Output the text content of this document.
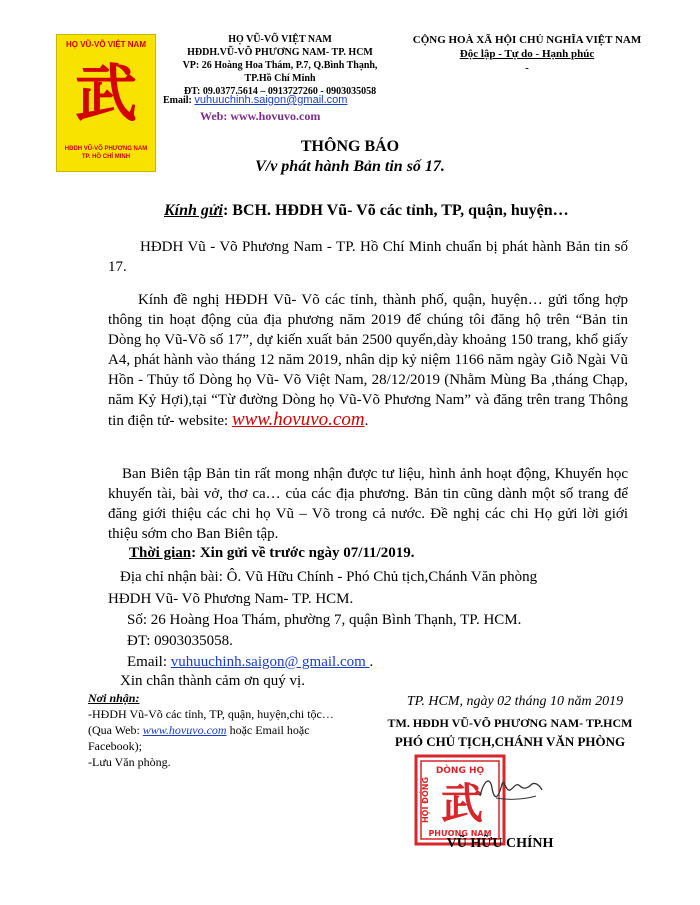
HỌ VŨ-VÕ VIỆT NAM
武
HĐDH VŨ-VÕ PHƯƠNG NAM
TP. HỒ CHÍ MINH
HỌ VŨ-VÕ VIỆT NAM
HĐDH.VŨ-VÕ PHƯƠNG NAM- TP. HCM
VP: 26 Hoàng Hoa Thám, P.7, Q.Bình Thạnh,
TP.Hồ Chí Minh
ĐT: 09.0377.5614 – 0913727260 - 0903035058
Email: vuhuuchinh.saigon@gmail.com
Web: www.hovuvo.com
CỘNG HOÀ XÃ HỘI CHỦ NGHĨA VIỆT NAM
Độc lập - Tự do - Hạnh phúc
-
THÔNG BÁO
V/v phát hành Bản tin số 17.
Kính gửi: BCH. HĐDH Vũ- Võ các tỉnh, TP, quận, huyện…
HĐDH Vũ - Võ Phương Nam - TP. Hồ Chí Minh chuẩn bị phát hành Bản tin số 17.
Kính đề nghị HĐDH Vũ- Võ các tỉnh, thành phố, quận, huyện… gửi tổng hợp thông tin hoạt động của địa phương năm 2019 để chúng tôi đăng hộ trên “Bản tin Dòng họ Vũ-Võ số 17”, dự kiến xuất bản 2500 quyển,dày khoảng 150 trang, khổ giấy A4, phát hành vào tháng 12 năm 2019, nhân dịp kỷ niệm 1166 năm ngày Giỗ Ngài Vũ Hồn - Thủy tổ Dòng họ Vũ- Võ Việt Nam, 28/12/2019 (Nhằm Mùng Ba ,tháng Chạp, năm Kỷ Hợi),tại “Từ đường Dòng họ Vũ-Võ Phương Nam” và đăng trên trang Thông tin điện tử- website: www.hovuvo.com.
Ban Biên tập Bản tin rất mong nhận được tư liệu, hình ảnh hoạt động, Khuyến học khuyến tài, bài vở, thơ ca… của các địa phương. Bản tin cũng dành một số trang để đăng giới thiệu các chi họ Vũ – Võ trong cả nước. Đề nghị các chi Họ gửi lời giới thiệu sớm cho Ban Biên tập.
Thời gian: Xin gửi về trước ngày 07/11/2019.
Địa chỉ nhận bài: Ô. Vũ Hữu Chính - Phó Chủ tịch,Chánh Văn phòng
HĐDH Vũ- Võ Phương Nam- TP. HCM.
Số: 26 Hoàng Hoa Thám, phường 7, quận Bình Thạnh, TP. HCM.
ĐT: 0903035058.
Email: vuhuuchinh.saigon@ gmail.com .
Xin chân thành cảm ơn quý vị.
Nơi nhận:
-HĐDH Vũ-Võ các tỉnh, TP, quận, huyện,chi tộc…
(Qua Web: www.hovuvo.com hoặc Email hoặc Facebook);
-Lưu Văn phòng.
TP. HCM, ngày 02 tháng 10 năm 2019
TM. HĐDH VŨ-VÕ PHƯƠNG NAM- TP.HCM
PHÓ CHỦ TỊCH,CHÁNH VĂN PHÒNG
DÒNG HỌ
HỘI ĐỒNG 武
PHƯƠNG NAM
VŨ HỮU CHÍNH
